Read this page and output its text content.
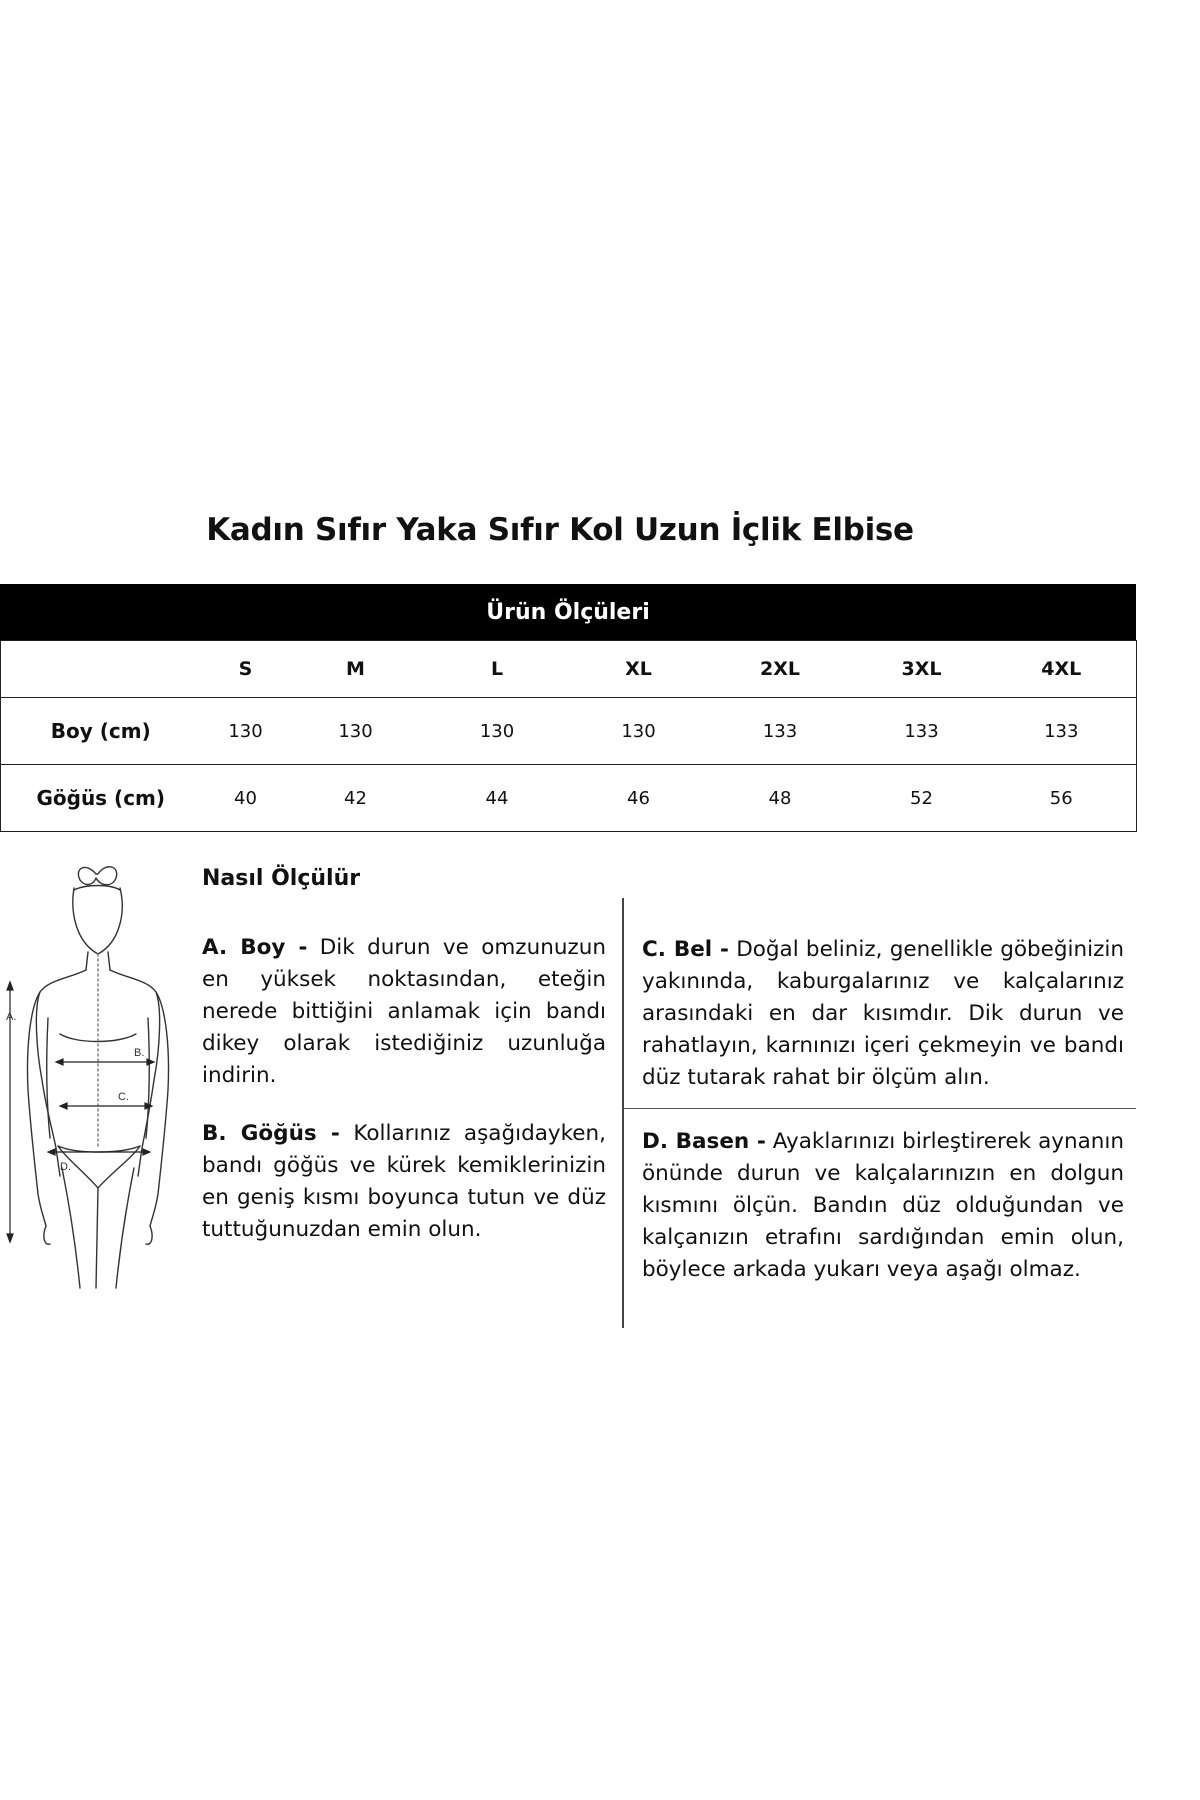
Kadın Sıfır Yaka Sıfır Kol Uzun İçlik Elbise
Ürün Ölçüleri
	S	M	L	XL	2XL	3XL	4XL
Boy (cm)	130	130	130	130	133	133	133
Göğüs (cm)	40	42	44	46	48	52	56
A.
B.
C.
D.
Nasıl Ölçülür
A. Boy - Dik durun ve omzunuzun en yüksek noktasından, eteğin nerede bittiğini anlamak için bandı dikey olarak istediğiniz uzunluğa indirin.
B. Göğüs - Kollarınız aşağıdayken, bandı göğüs ve kürek kemiklerinizin en geniş kısmı boyunca tutun ve düz tuttuğunuzdan emin olun.
C. Bel - Doğal beliniz, genellikle göbeğinizin yakınında, kaburgalarınız ve kalçalarınız arasındaki en dar kısımdır. Dik durun ve rahatlayın, karnınızı içeri çekmeyin ve bandı düz tutarak rahat bir ölçüm alın.
D. Basen - Ayaklarınızı birleştirerek aynanın önünde durun ve kalçalarınızın en dolgun kısmını ölçün. Bandın düz olduğundan ve kalçanızın etrafını sardığından emin olun, böylece arkada yukarı veya aşağı olmaz.
